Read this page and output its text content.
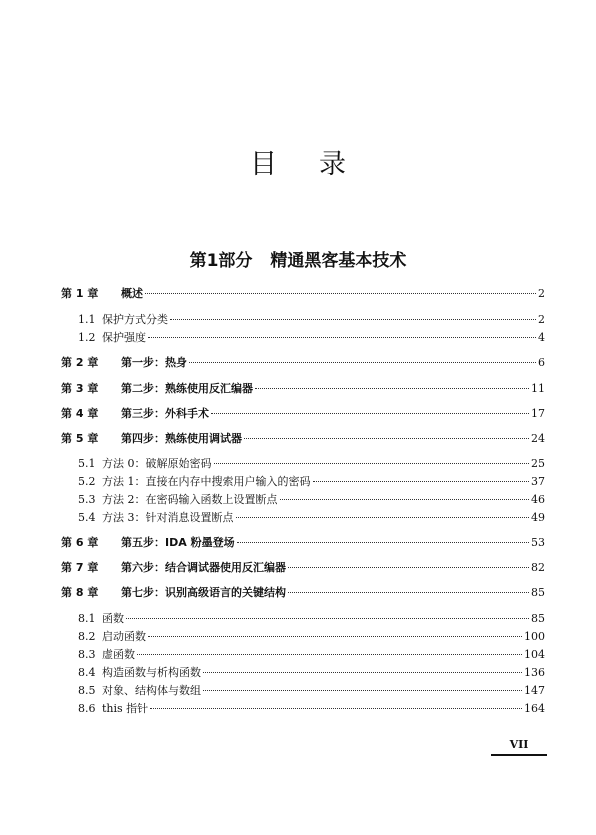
目录
第1部分 精通黑客基本技术
第 1 章 概述	2
1.1 保护方式分类	2
1.2 保护强度	4
第 2 章 第一步：热身	6
第 3 章 第二步：熟练使用反汇编器	11
第 4 章 第三步：外科手术	17
第 5 章 第四步：熟练使用调试器	24
5.1 方法 0：破解原始密码	25
5.2 方法 1：直接在内存中搜索用户输入的密码	37
5.3 方法 2：在密码输入函数上设置断点	46
5.4 方法 3：针对消息设置断点	49
第 6 章 第五步：IDA 粉墨登场	53
第 7 章 第六步：结合调试器使用反汇编器	82
第 8 章 第七步：识别高级语言的关键结构	85
8.1 函数	85
8.2 启动函数	100
8.3 虚函数	104
8.4 构造函数与析构函数	136
8.5 对象、结构体与数组	147
8.6 this 指针	164
VII
